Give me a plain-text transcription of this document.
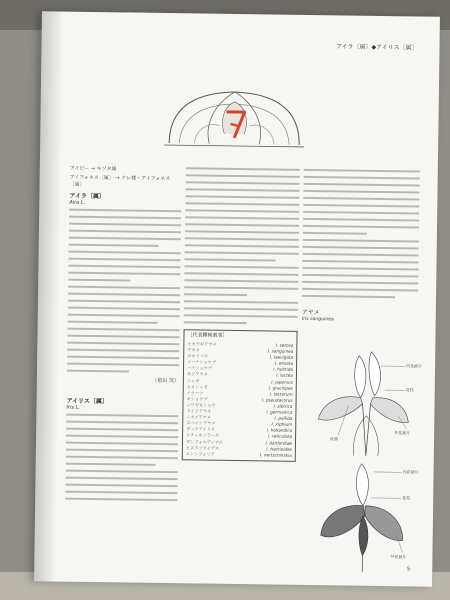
アイラ〔属〕◆アイリス〔属〕
アイビー → キヅタ属
アイフォネス〔属〕 → ケレ様・アイフォネス〔属〕
アイラ〔属〕
Aira L.
（植田 茂）
アイリス〔属〕
Iris L.
［代表種検索表］
ヒオウギアヤメ	I. setosa
アヤメ	I. sanguinea
カキツバタ	I. laevigata
ノハナショウブ	I. ensata
ハナショウブ	I. hybrida
ネジアヤメ	I. lactea
シャガ	I. japonica
ヒメシャガ	I. gracilipes
イチハツ	I. tectorum
キショウブ	I. pseudacorus
ニワゼキショウ	I. sibirica
ドイツアヤメ	I. germanica
ニオイアヤメ	I. pallida
スペインアヤメ	I. xiphium
ダッチアイリス	I. hollandica
レティキュラータ	I. reticulata
ダンフォルディアエ	I. danfordiae
ヒスタリオイデス	I. histrioides
エンシフォリア	I. nertschinskia
アヤメ
Iris sanguinea
内花被片
花柱
外花被片
柱頭
内花被片
花柱
外花被片
5
